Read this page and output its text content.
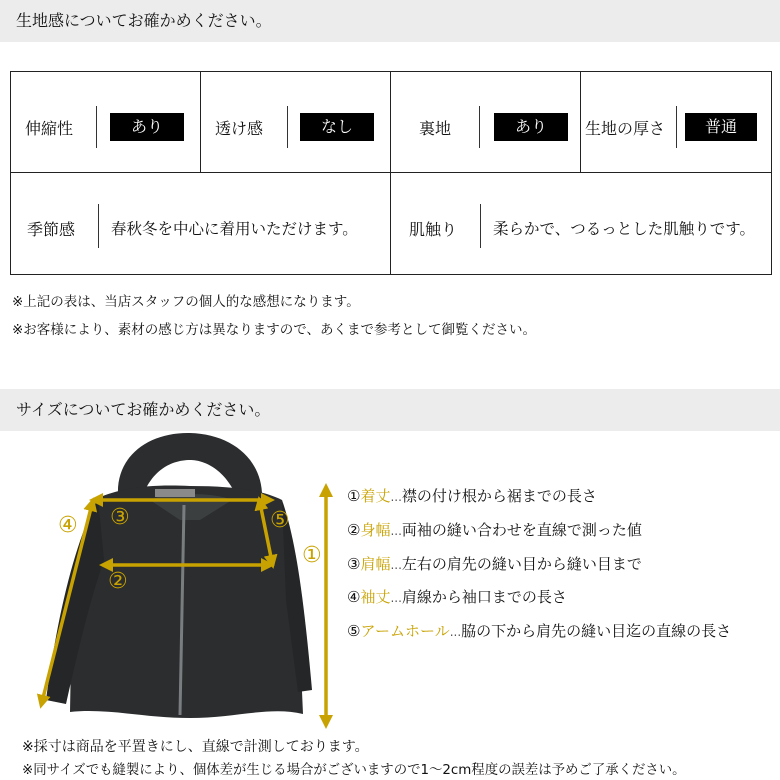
生地感についてお確かめください。
伸縮性	あり	透け感	なし	裏地	あり	生地の厚さ	普通
季節感 春秋冬を中心に着用いただけます。	肌触り 柔らかで、つるっとした肌触りです。
※上記の表は、当店スタッフの個人的な感想になります。
※お客様により、素材の感じ方は異なりますので、あくまで参考として御覧ください。
サイズについてお確かめください。
①
②
③
④	⑤
①着丈...襟の付け根から裾までの長さ
②身幅...両袖の縫い合わせを直線で測った値
③肩幅...左右の肩先の縫い目から縫い目まで
④袖丈...肩線から袖口までの長さ
⑤アームホール...脇の下から肩先の縫い目迄の直線の長さ
※採寸は商品を平置きにし、直線で計測しております。
※同サイズでも縫製により、個体差が生じる場合がございますので1～2cm程度の誤差は予めご了承ください。
